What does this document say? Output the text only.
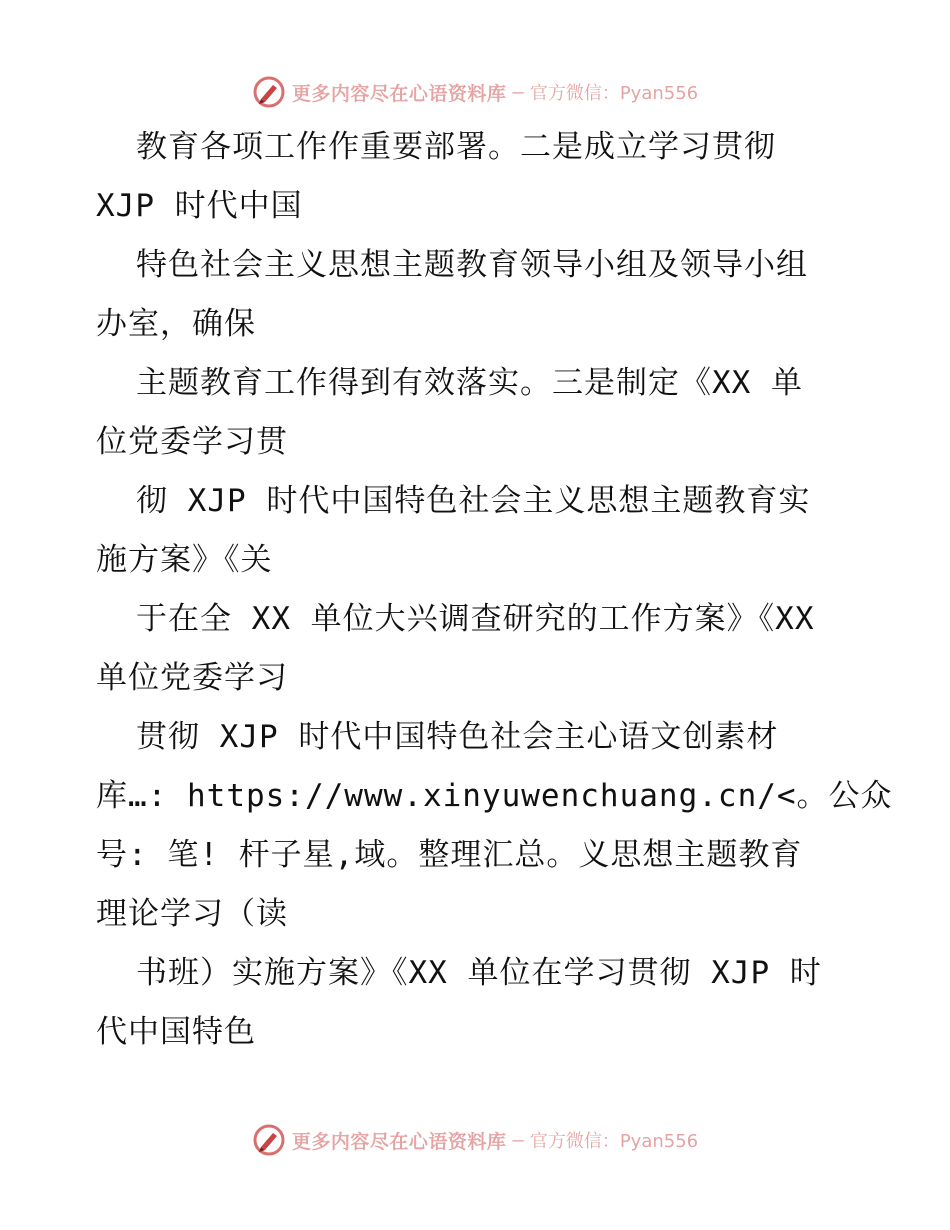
更多内容尽在心语资料库 — 官方微信：Pyan556
教育各项工作作重要部署。二是成立学习贯彻
XJP 时代中国
特色社会主义思想主题教育领导小组及领导小组
办室，确保
主题教育工作得到有效落实。三是制定《XX 单
位党委学习贯
彻 XJP 时代中国特色社会主义思想主题教育实
施方案》《关
于在全 XX 单位大兴调查研究的工作方案》《XX
单位党委学习
贯彻 XJP 时代中国特色社会主心语文创素材
库…: https://www.xinyuwenchuang.cn/<。公众
号: 笔! 杆子星,域。整理汇总。义思想主题教育
理论学习（读
书班）实施方案》《XX 单位在学习贯彻 XJP 时
代中国特色
更多内容尽在心语资料库 — 官方微信：Pyan556
